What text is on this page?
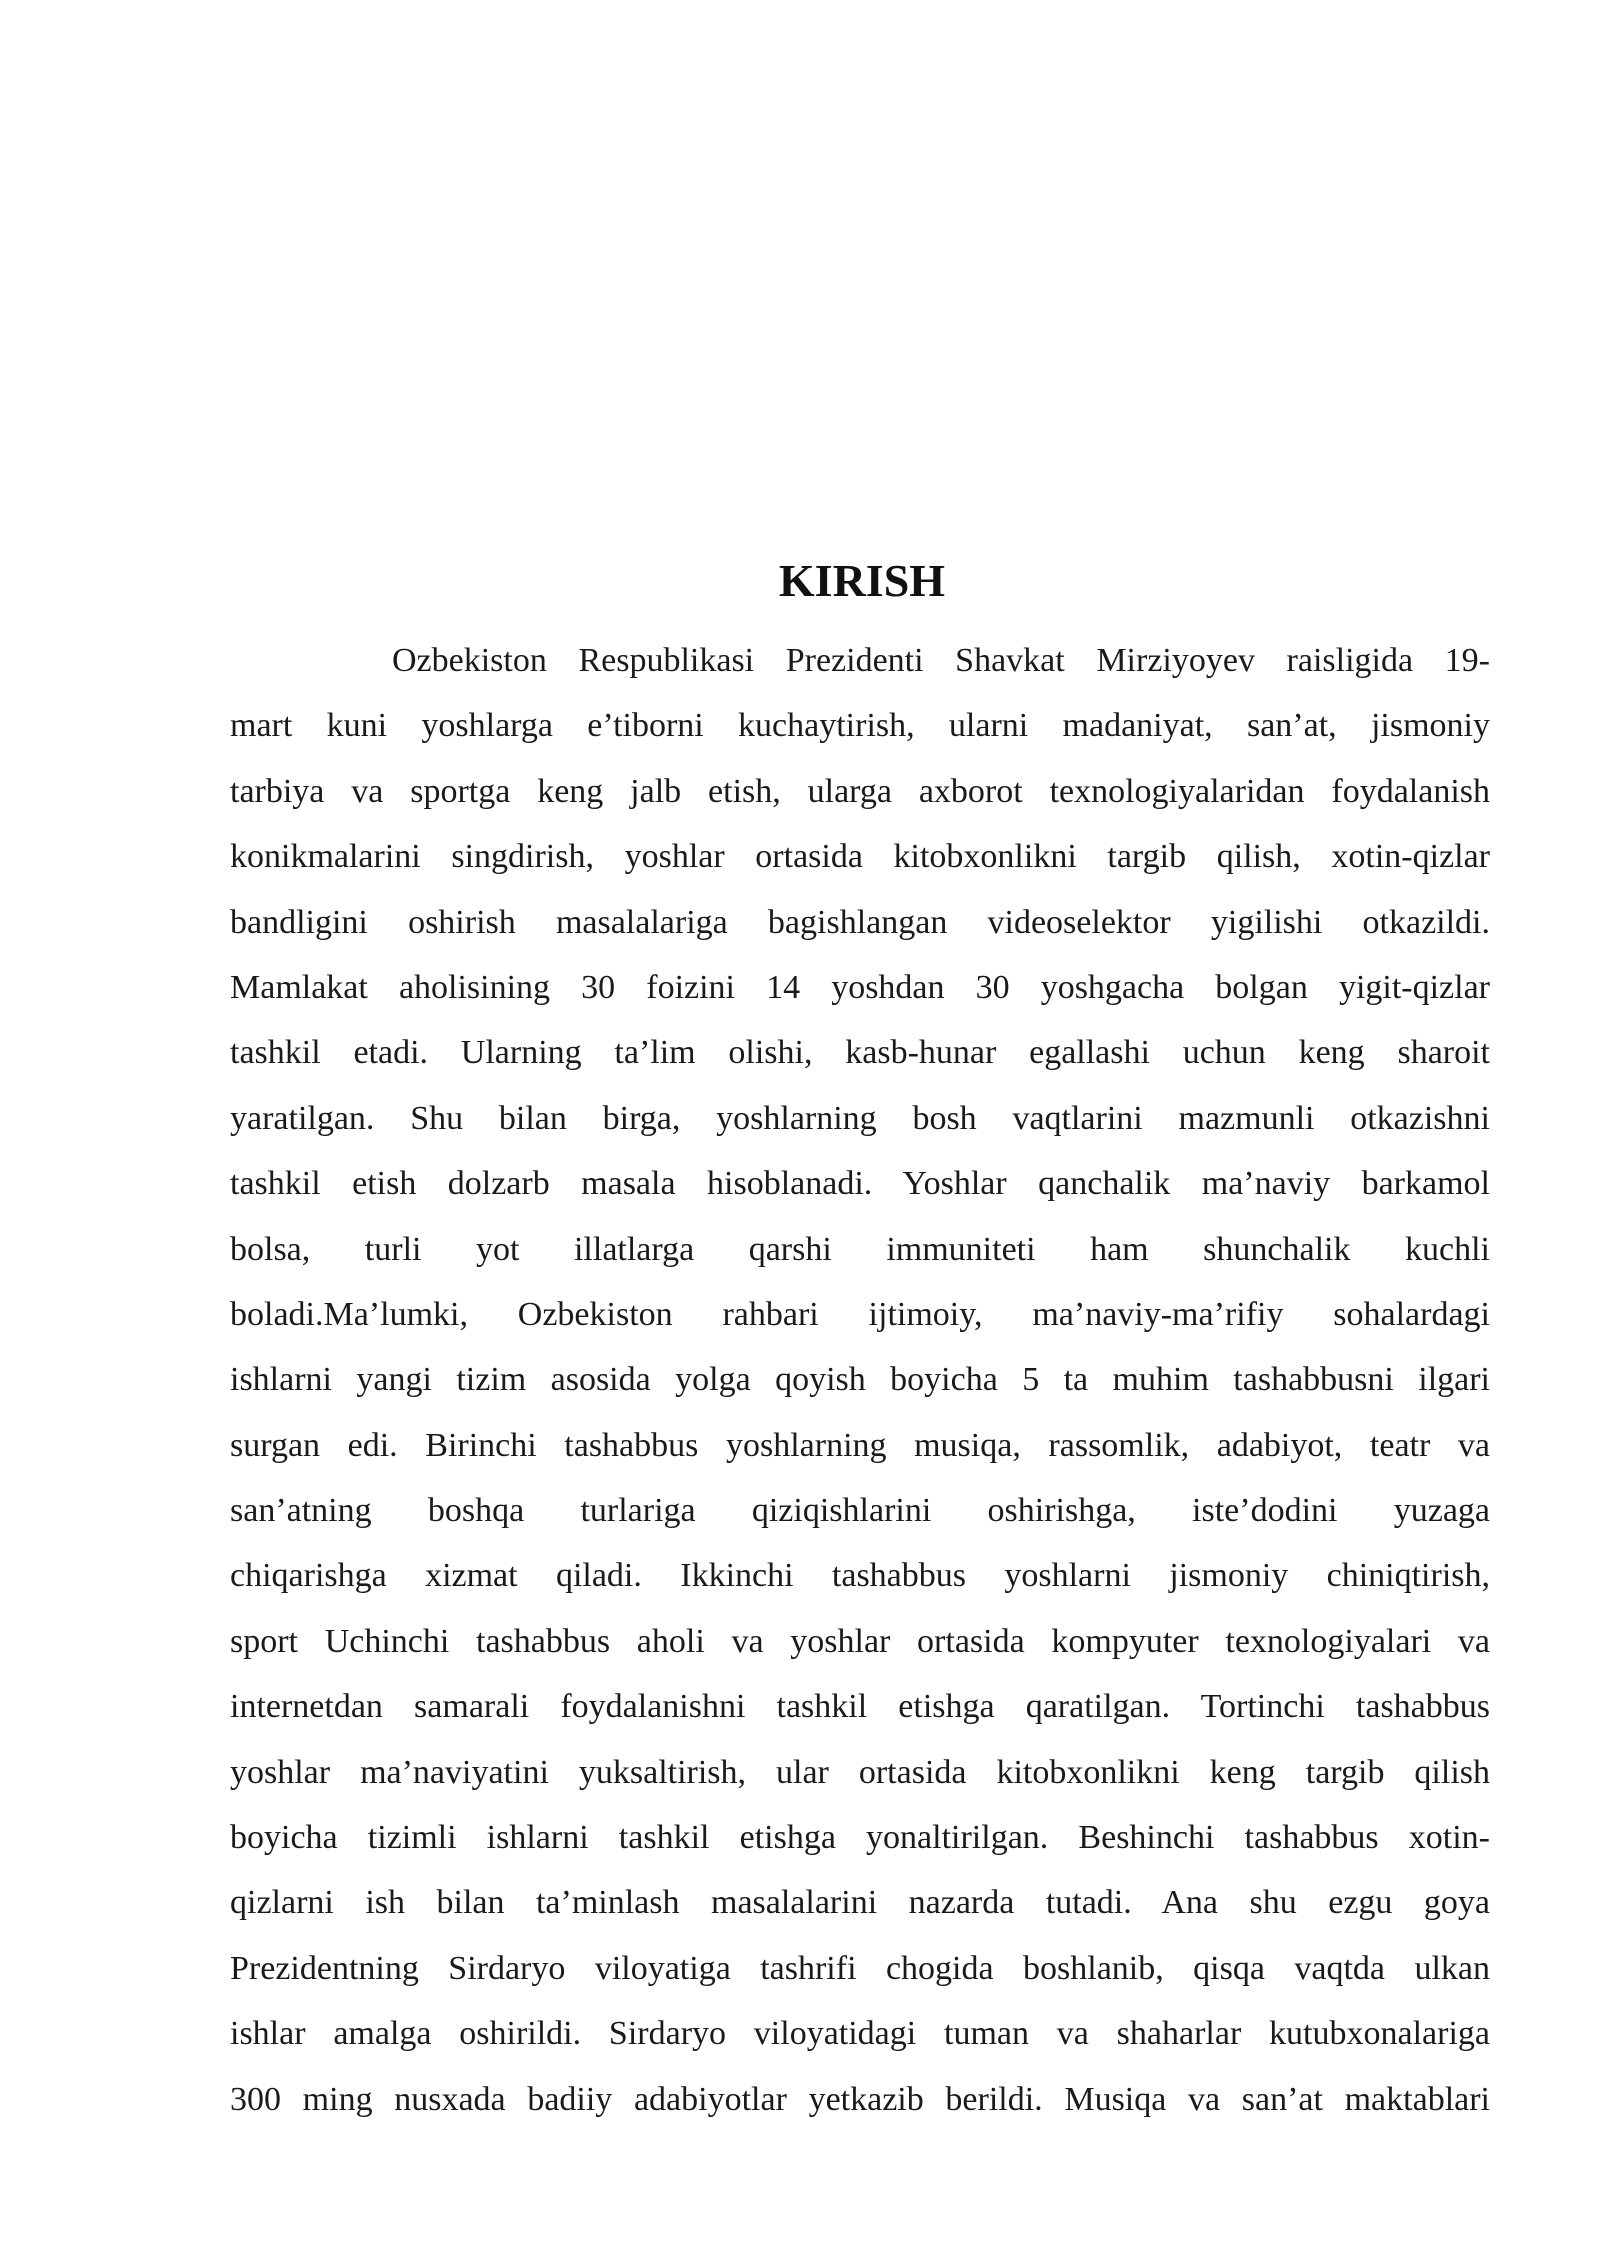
KIRISH
Ozbekiston Respublikasi Prezidenti Shavkat Mirziyoyev raisligida 19-
mart kuni yoshlarga e’tiborni kuchaytirish, ularni madaniyat, san’at, jismoniy
tarbiya va sportga keng jalb etish, ularga axborot texnologiyalaridan foydalanish
konikmalarini singdirish, yoshlar ortasida kitobxonlikni targib qilish, xotin-qizlar
bandligini oshirish masalalariga bagishlangan videoselektor yigilishi otkazildi.
Mamlakat aholisining 30 foizini 14 yoshdan 30 yoshgacha bolgan yigit-qizlar
tashkil etadi. Ularning ta’lim olishi, kasb-hunar egallashi uchun keng sharoit
yaratilgan. Shu bilan birga, yoshlarning bosh vaqtlarini mazmunli otkazishni
tashkil etish dolzarb masala hisoblanadi. Yoshlar qanchalik ma’naviy barkamol
bolsa, turli yot illatlarga qarshi immuniteti ham shunchalik kuchli
boladi.Ma’lumki, Ozbekiston rahbari ijtimoiy, ma’naviy-ma’rifiy sohalardagi
ishlarni yangi tizim asosida yolga qoyish boyicha 5 ta muhim tashabbusni ilgari
surgan edi. Birinchi tashabbus yoshlarning musiqa, rassomlik, adabiyot, teatr va
san’atning boshqa turlariga qiziqishlarini oshirishga, iste’dodini yuzaga
chiqarishga xizmat qiladi. Ikkinchi tashabbus yoshlarni jismoniy chiniqtirish,
sport Uchinchi tashabbus aholi va yoshlar ortasida kompyuter texnologiyalari va
internetdan samarali foydalanishni tashkil etishga qaratilgan. Tortinchi tashabbus
yoshlar ma’naviyatini yuksaltirish, ular ortasida kitobxonlikni keng targib qilish
boyicha tizimli ishlarni tashkil etishga yonaltirilgan. Beshinchi tashabbus xotin-
qizlarni ish bilan ta’minlash masalalarini nazarda tutadi. Ana shu ezgu goya
Prezidentning Sirdaryo viloyatiga tashrifi chogida boshlanib, qisqa vaqtda ulkan
ishlar amalga oshirildi. Sirdaryo viloyatidagi tuman va shaharlar kutubxonalariga
300 ming nusxada badiiy adabiyotlar yetkazib berildi. Musiqa va san’at maktablari
